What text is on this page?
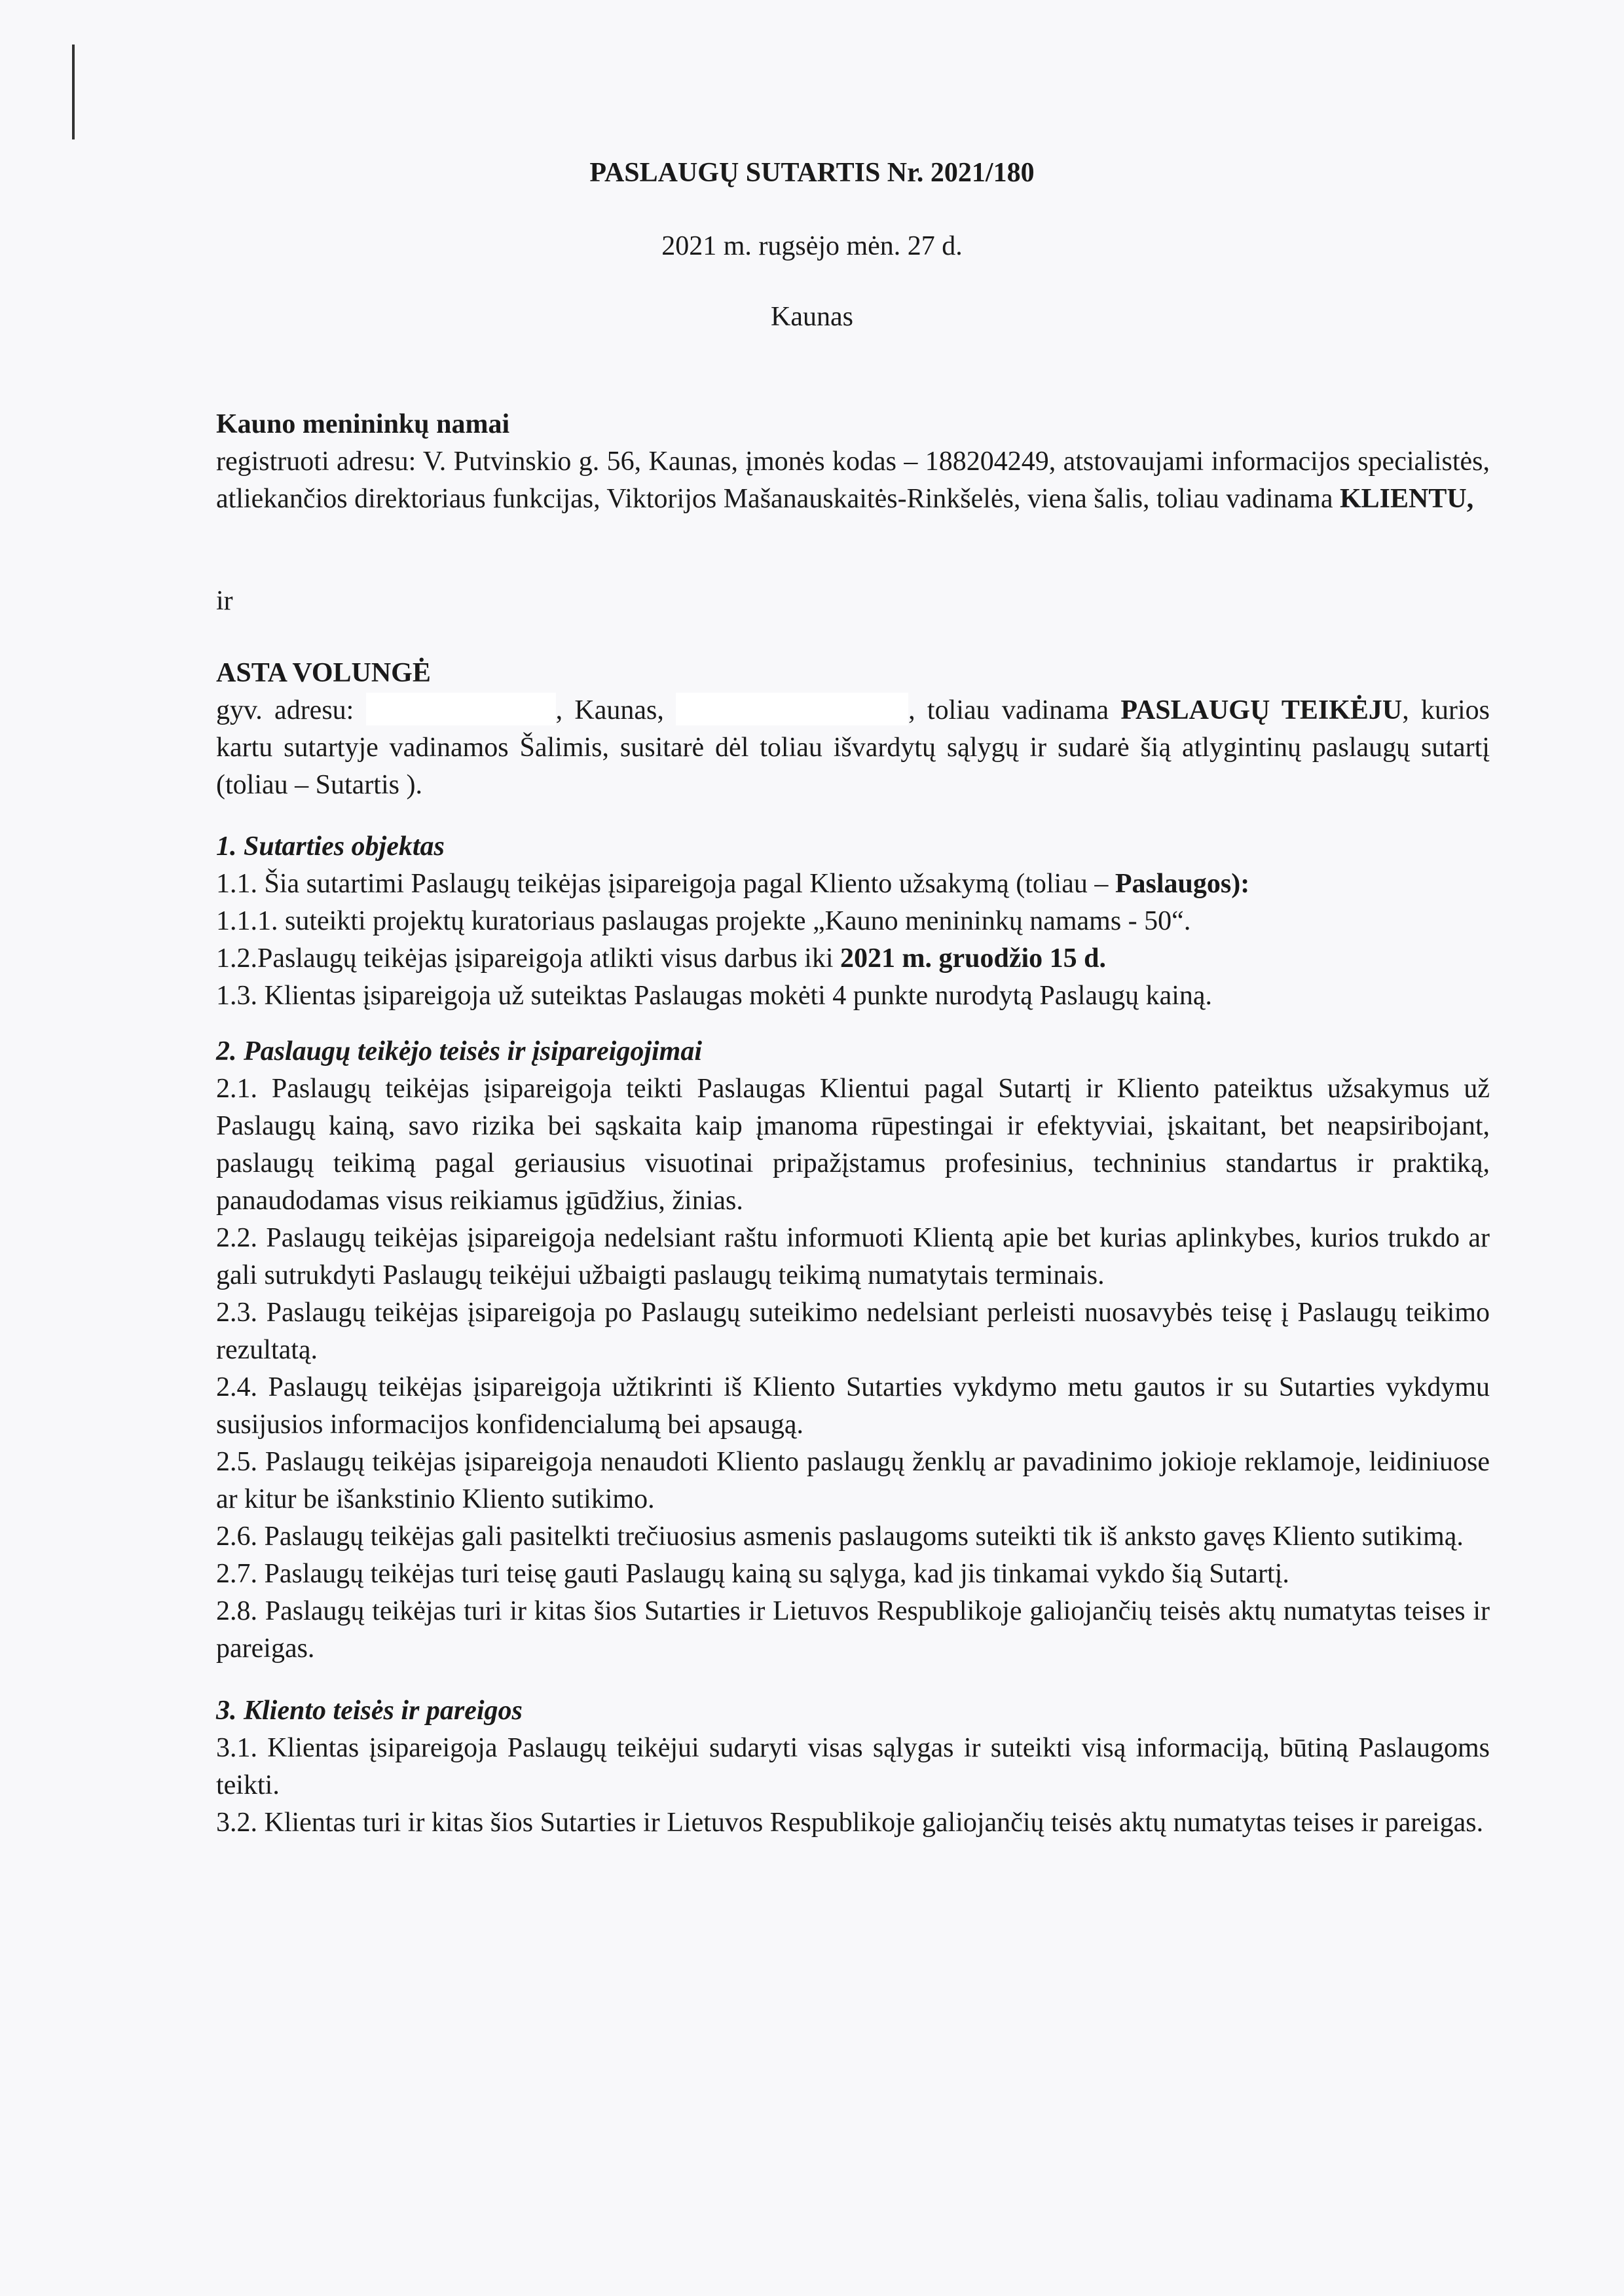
PASLAUGŲ SUTARTIS Nr. 2021/180
2021 m. rugsėjo mėn. 27 d.
Kaunas
Kauno menininkų namai
registruoti adresu: V. Putvinskio g. 56, Kaunas, įmonės kodas – 188204249, atstovaujami informacijos specialistės, atliekančios direktoriaus funkcijas, Viktorijos Mašanauskaitės-Rinkšelės, viena šalis, toliau vadinama KLIENTU,
ir
ASTA VOLUNGĖ
gyv. adresu:	, Kaunas,	, toliau vadinama PASLAUGŲ TEIKĖJU, kurios kartu sutartyje vadinamos Šalimis, susitarė dėl toliau išvardytų sąlygų ir sudarė šią atlygintinų paslaugų sutartį (toliau – Sutartis ).
1. Sutarties objektas
1.1. Šia sutartimi Paslaugų teikėjas įsipareigoja pagal Kliento užsakymą (toliau – Paslaugos):
1.1.1. suteikti projektų kuratoriaus paslaugas projekte „Kauno menininkų namams - 50“.
1.2.Paslaugų teikėjas įsipareigoja atlikti visus darbus iki 2021 m. gruodžio 15 d.
1.3. Klientas įsipareigoja už suteiktas Paslaugas mokėti 4 punkte nurodytą Paslaugų kainą.
2. Paslaugų teikėjo teisės ir įsipareigojimai
2.1. Paslaugų teikėjas įsipareigoja teikti Paslaugas Klientui pagal Sutartį ir Kliento pateiktus užsakymus už Paslaugų kainą, savo rizika bei sąskaita kaip įmanoma rūpestingai ir efektyviai, įskaitant, bet neapsiribojant, paslaugų teikimą pagal geriausius visuotinai pripažįstamus profesinius, techninius standartus ir praktiką, panaudodamas visus reikiamus įgūdžius, žinias.
2.2. Paslaugų teikėjas įsipareigoja nedelsiant raštu informuoti Klientą apie bet kurias aplinkybes, kurios trukdo ar gali sutrukdyti Paslaugų teikėjui užbaigti paslaugų teikimą numatytais terminais.
2.3. Paslaugų teikėjas įsipareigoja po Paslaugų suteikimo nedelsiant perleisti nuosavybės teisę į Paslaugų teikimo rezultatą.
2.4. Paslaugų teikėjas įsipareigoja užtikrinti iš Kliento Sutarties vykdymo metu gautos ir su Sutarties vykdymu susijusios informacijos konfidencialumą bei apsaugą.
2.5. Paslaugų teikėjas įsipareigoja nenaudoti Kliento paslaugų ženklų ar pavadinimo jokioje reklamoje, leidiniuose ar kitur be išankstinio Kliento sutikimo.
2.6. Paslaugų teikėjas gali pasitelkti trečiuosius asmenis paslaugoms suteikti tik iš anksto gavęs Kliento sutikimą.
2.7. Paslaugų teikėjas turi teisę gauti Paslaugų kainą su sąlyga, kad jis tinkamai vykdo šią Sutartį.
2.8. Paslaugų teikėjas turi ir kitas šios Sutarties ir Lietuvos Respublikoje galiojančių teisės aktų numatytas teises ir pareigas.
3. Kliento teisės ir pareigos
3.1. Klientas įsipareigoja Paslaugų teikėjui sudaryti visas sąlygas ir suteikti visą informaciją, būtiną Paslaugoms teikti.
3.2. Klientas turi ir kitas šios Sutarties ir Lietuvos Respublikoje galiojančių teisės aktų numatytas teises ir pareigas.
